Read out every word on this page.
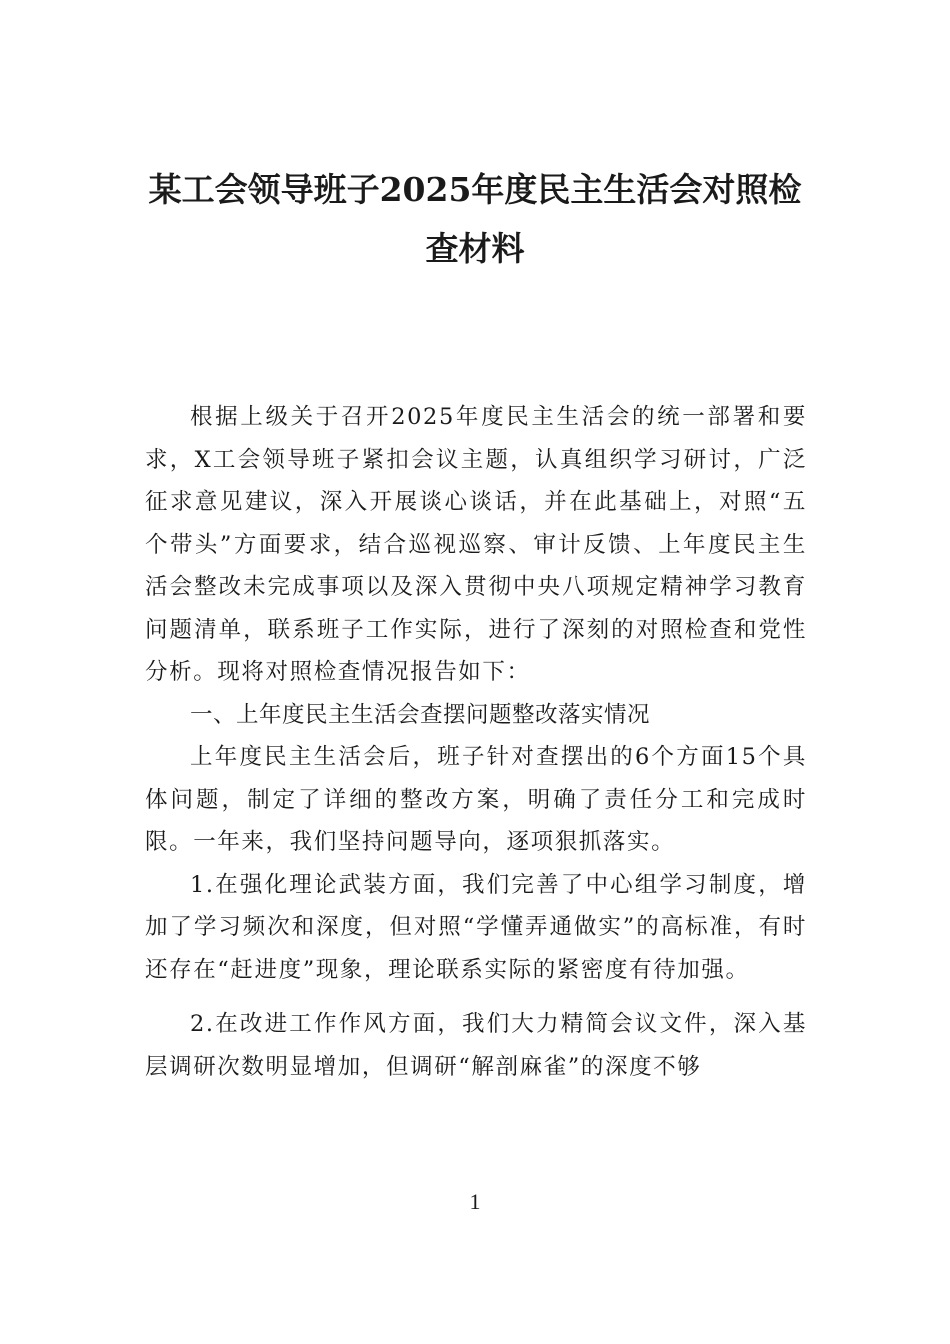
某工会领导班子2025年度民主生活会对照检查材料

根据上级关于召开2025年度民主生活会的统一部署和要求，X工会领导班子紧扣会议主题，认真组织学习研讨，广泛征求意见建议，深入开展谈心谈话，并在此基础上，对照“五个带头”方面要求，结合巡视巡察、审计反馈、上年度民主生活会整改未完成事项以及深入贯彻中央八项规定精神学习教育问题清单，联系班子工作实际，进行了深刻的对照检查和党性分析。现将对照检查情况报告如下：

一、上年度民主生活会查摆问题整改落实情况

上年度民主生活会后，班子针对查摆出的6个方面15个具体问题，制定了详细的整改方案，明确了责任分工和完成时限。一年来，我们坚持问题导向，逐项狠抓落实。

1.在强化理论武装方面，我们完善了中心组学习制度，增加了学习频次和深度，但对照“学懂弄通做实”的高标准，有时还存在“赶进度”现象，理论联系实际的紧密度有待加强。

2.在改进工作作风方面，我们大力精简会议文件，深入基层调研次数明显增加，但调研“解剖麻雀”的深度不够

1
